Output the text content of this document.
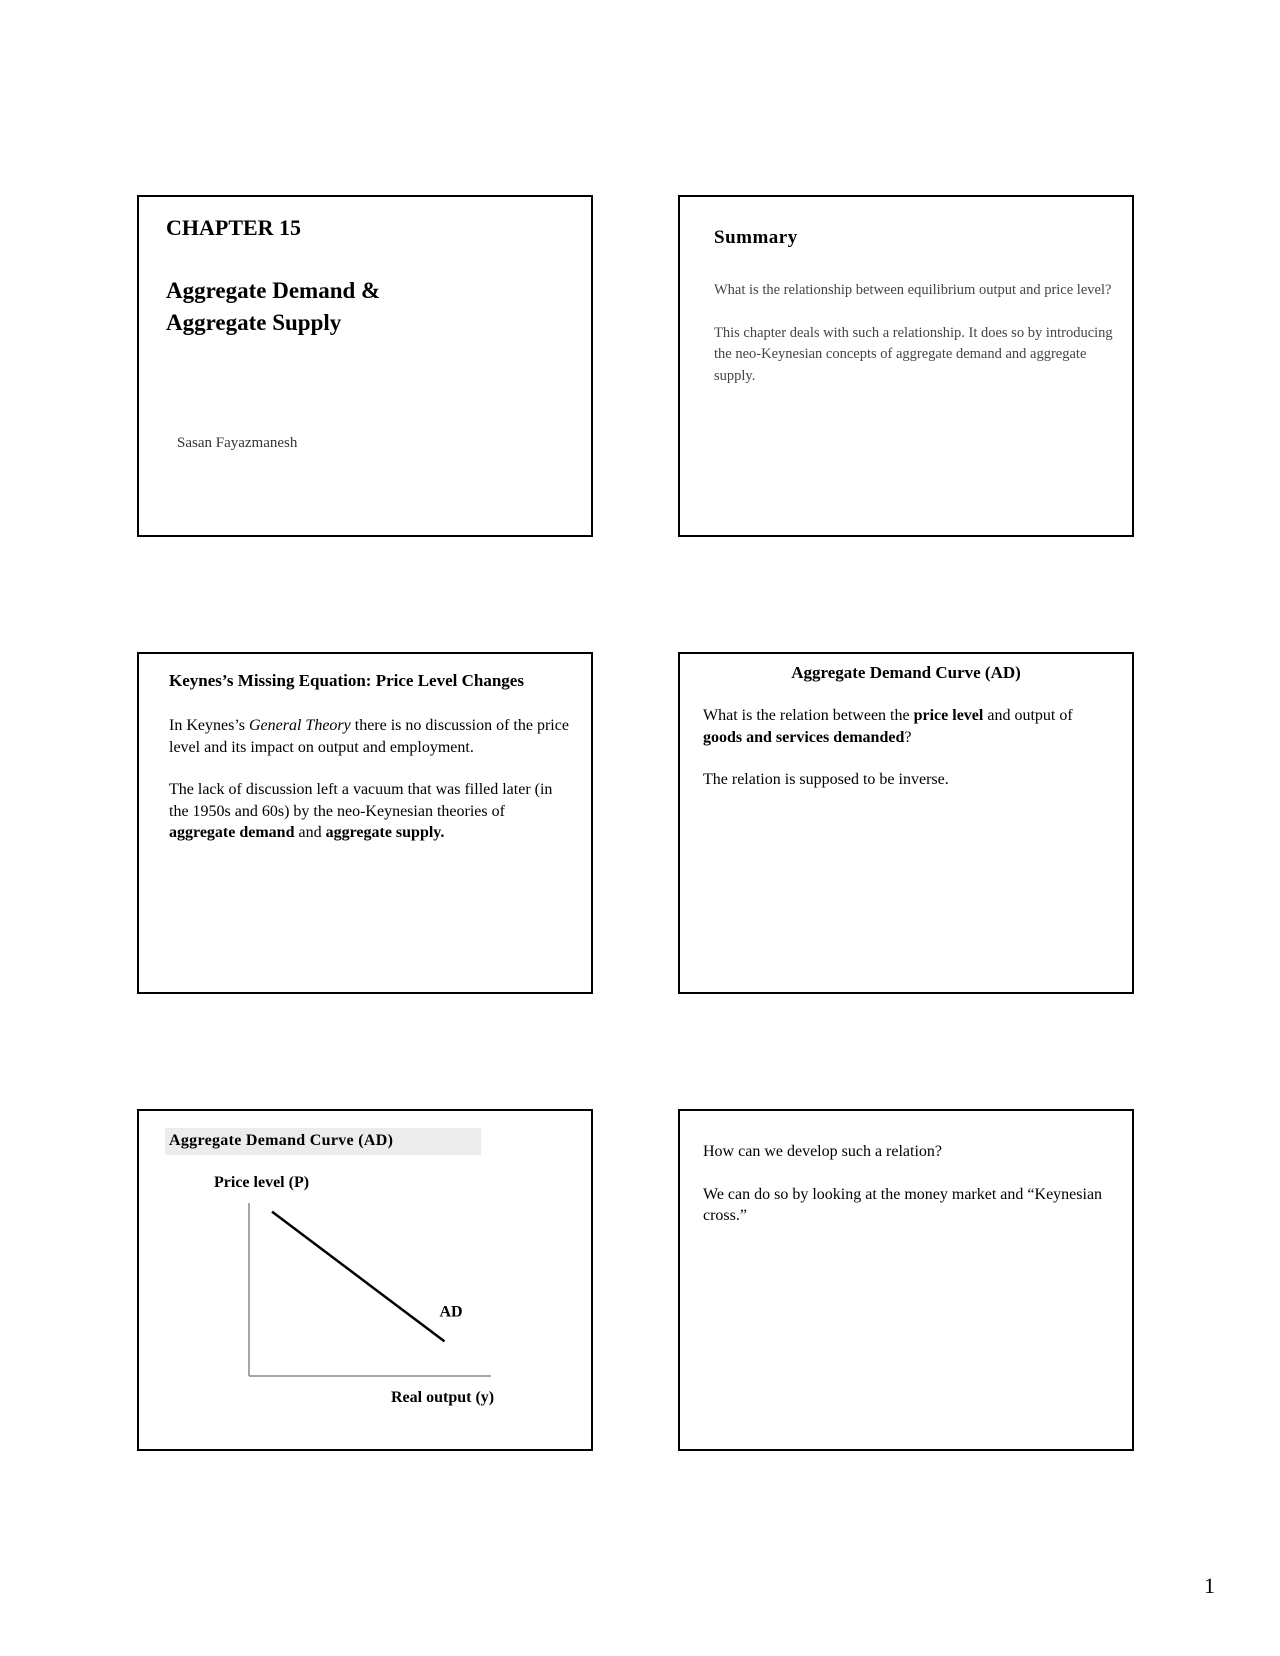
CHAPTER 15
Aggregate Demand &
Aggregate Supply
Sasan Fayazmanesh
Summary

What is the relationship between equilibrium output and price level?

This chapter deals with such a relationship. It does so by introducing the neo-Keynesian concepts of aggregate demand and aggregate supply.

Keynes’s Missing Equation: Price Level Changes

In Keynes’s General Theory there is no discussion of the price level and its impact on output and employment.

The lack of discussion left a vacuum that was filled later (in the 1950s and 60s) by the neo-Keynesian theories of aggregate demand and aggregate supply.

Aggregate Demand Curve (AD)

What is the relation between the price level and output of goods and services demanded?

The relation is supposed to be inverse.

Aggregate Demand Curve (AD)
Price level (P)
Real output (y)
AD

How can we develop such a relation?

We can do so by looking at the money market and “Keynesian cross.”

1
